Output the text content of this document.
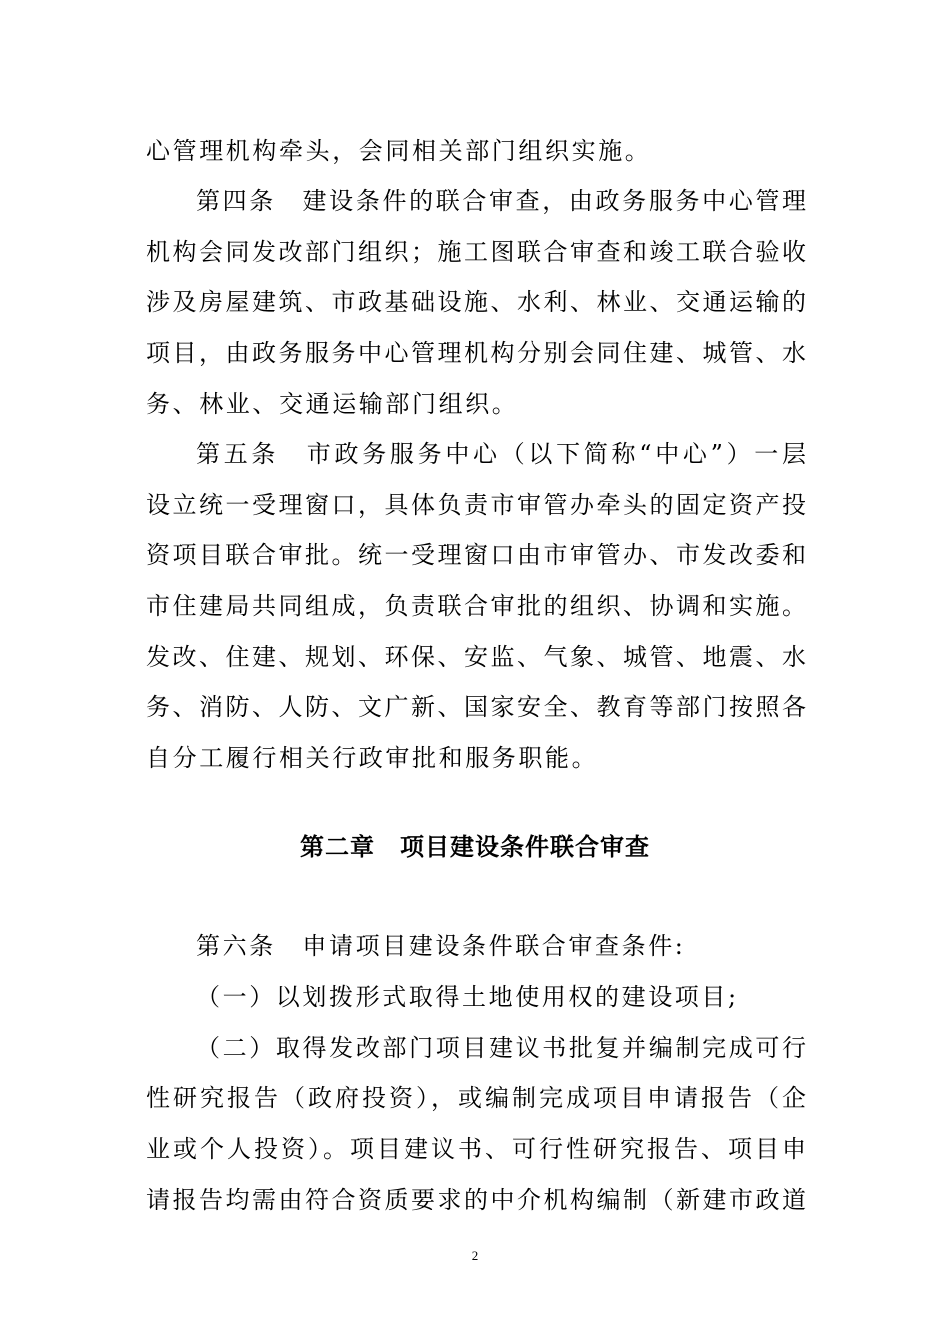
心管理机构牵头，会同相关部门组织实施。
第四条　建设条件的联合审查，由政务服务中心管理
机构会同发改部门组织；施工图联合审查和竣工联合验收
涉及房屋建筑、市政基础设施、水利、林业、交通运输的
项目，由政务服务中心管理机构分别会同住建、城管、水
务、林业、交通运输部门组织。
第五条　市政务服务中心（以下简称“中心”）一层
设立统一受理窗口，具体负责市审管办牵头的固定资产投
资项目联合审批。统一受理窗口由市审管办、市发改委和
市住建局共同组成，负责联合审批的组织、协调和实施。
发改、住建、规划、环保、安监、气象、城管、地震、水
务、消防、人防、文广新、国家安全、教育等部门按照各
自分工履行相关行政审批和服务职能。
第二章　项目建设条件联合审查
第六条　申请项目建设条件联合审查条件:
（一）以划拨形式取得土地使用权的建设项目;
（二）取得发改部门项目建议书批复并编制完成可行
性研究报告（政府投资），或编制完成项目申请报告（企
业或个人投资）。项目建议书、可行性研究报告、项目申
请报告均需由符合资质要求的中介机构编制（新建市政道
2
